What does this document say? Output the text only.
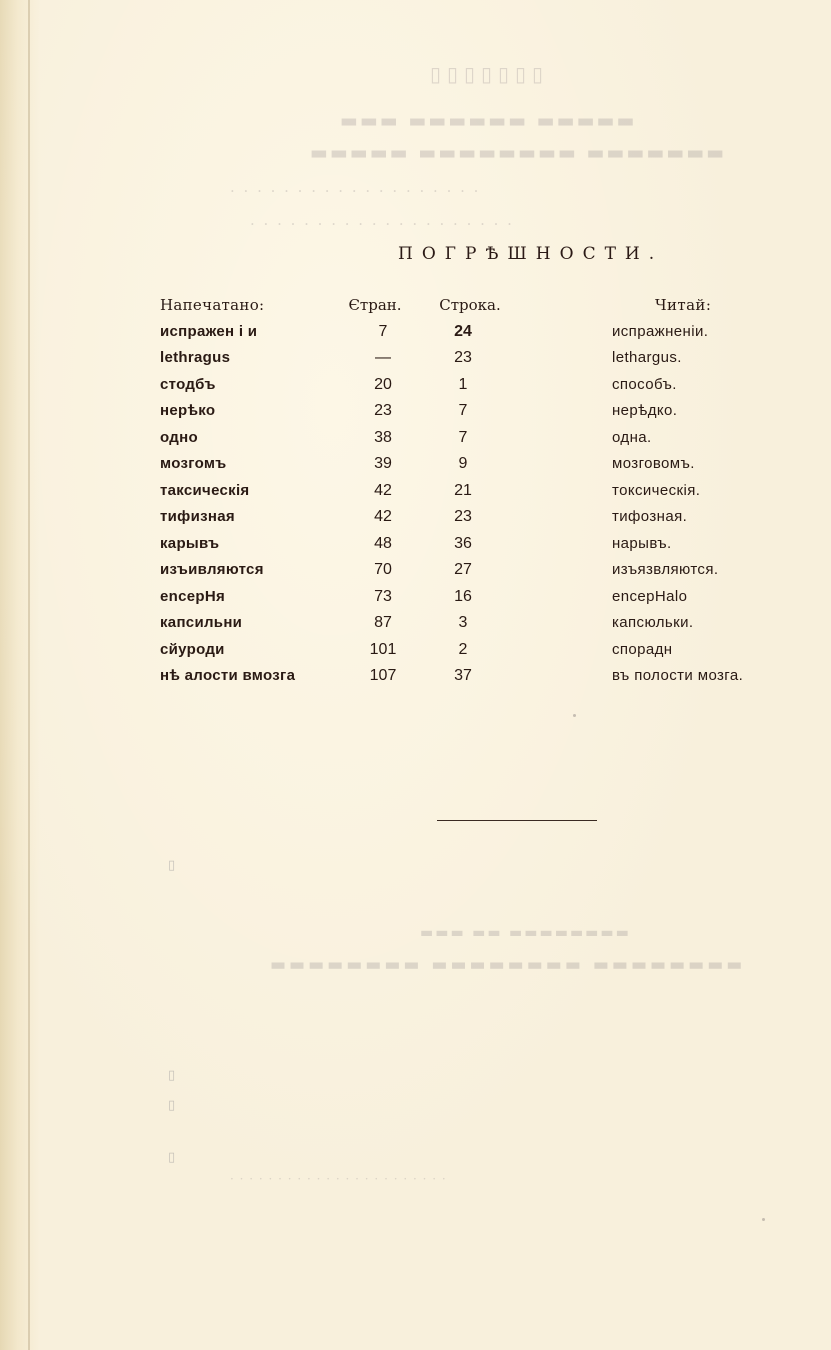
▯▯▯▯▯▯▯
▬▬▬ ▬▬▬▬▬▬ ▬▬▬▬▬
▬▬▬▬▬ ▬▬▬▬▬▬▬▬ ▬▬▬▬▬▬▬
· · · · · · · · · · · · · · · · · · ·
· · · · · · · · · · · · · · · · · · · ·
▬▬▬ ▬▬ ▬▬▬▬▬▬▬▬
▬▬▬▬▬▬▬▬ ▬▬▬▬▬▬▬▬ ▬▬▬▬▬▬▬▬
· · · · · · · · · · · · · · · · · · · · · · ·
▯
▯
▯
▯
ПОГРѢШНОСТИ.
Напечатано:	Єтран.	Строка.	Читай:
испражен і и	7	24	испражненіи.
lethragus	—	23	lethargus.
стодбъ	20	1	способъ.
нерѣко	23	7	нерѣдко.
одно	38	7	одна.
мозгомъ	39	9	мозговомъ.
таксическія	42	21	токсическія.
тифизная	42	23	тифозная.
карывъ	48	36	нарывъ.
изъивляются	70	27	изъязвляются.
encepНя	73	16	encepНalo
капсильни	87	3	капсюльки.
сйуроди	101	2	спорадн
нѣ алости вмозга	107	37	въ полости мозга.
